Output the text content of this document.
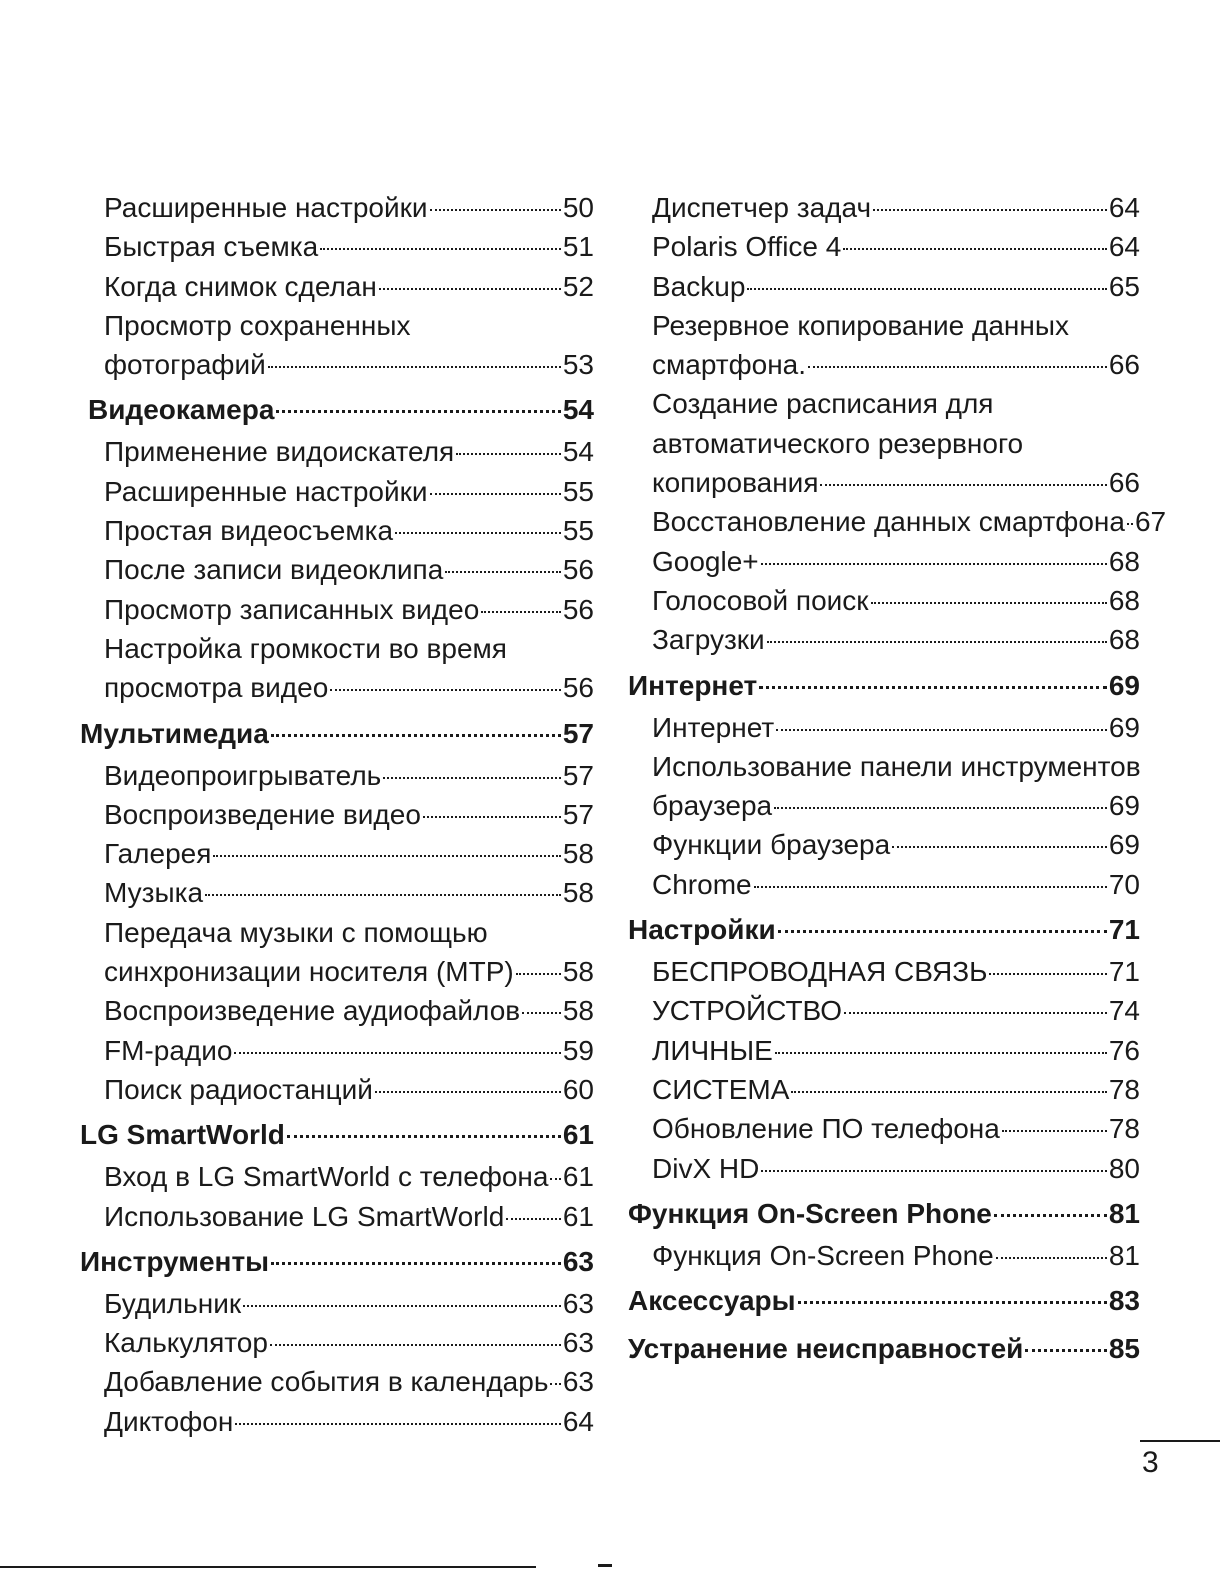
Расширенные настройки	50
Быстрая съемка	51
Когда снимок сделан	52
Просмотр сохраненных
фотографий	53
Видеокамера	54
Применение видоискателя	54
Расширенные настройки	55
Простая видеосъемка	55
После записи видеоклипа	56
Просмотр записанных видео	56
Настройка громкости во время
просмотра видео	56
Мультимедиа	57
Видеопроигрыватель	57
Воспроизведение видео	57
Галерея	58
Музыка	58
Передача музыки с помощью
синхронизации носителя (MTP) 58
Воспроизведение аудиофайлов 58
FM-радио	59
Поиск радиостанций	60
LG SmartWorld	61
Вход в LG SmartWorld с телефона 61
Использование LG SmartWorld 61
Инструменты	63
Будильник	63
Калькулятор	63
Добавление события в календарь 63
Диктофон	64
Диспетчер задач	64
Polaris Office 4	64
Backup	65
Резервное копирование данных
смартфона.	66
Создание расписания для
автоматического резервного
копирования	66
Восстановление данных смартфона 67
Google+	68
Голосовой поиск	68
Загрузки	68
Интернет	69
Интернет	69
Использование панели инструментов
браузера	69
Функции браузера	69
Chrome	70
Настройки	71
БЕСПРОВОДНАЯ СВЯЗЬ	71
УСТРОЙСТВО	74
ЛИЧНЫЕ	76
СИСТЕМА	78
Обновление ПО телефона	78
DivX HD	80
Функция On-Screen Phone	81
Функция On-Screen Phone	81
Аксессуары	83
Устранение неисправностей	85
3
